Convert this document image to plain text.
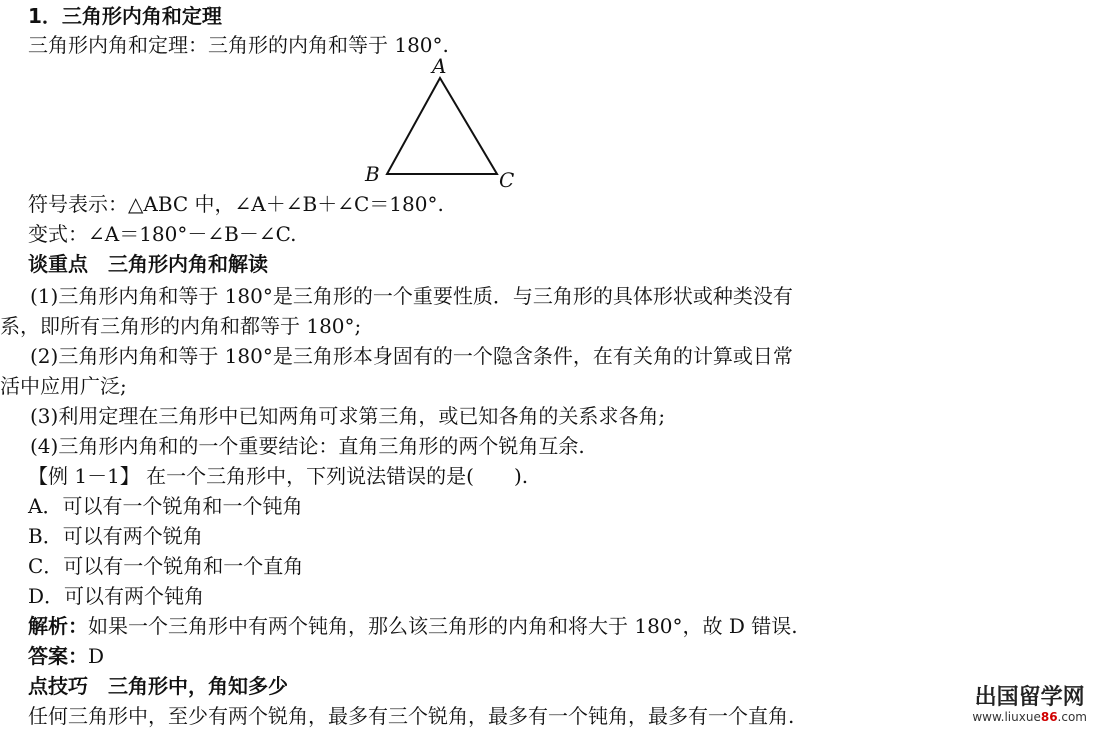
1．三角形内角和定理
三角形内角和定理：三角形的内角和等于 180°.
A
B	C
符号表示：△ABC 中，∠A＋∠B＋∠C＝180°.
变式：∠A＝180°－∠B－∠C.
谈重点　三角形内角和解读
(1)三角形内角和等于 180°是三角形的一个重要性质．与三角形的具体形状或种类没有
系，即所有三角形的内角和都等于 180°;
(2)三角形内角和等于 180°是三角形本身固有的一个隐含条件，在有关角的计算或日常
活中应用广泛;
(3)利用定理在三角形中已知两角可求第三角，或已知各角的关系求各角;
(4)三角形内角和的一个重要结论：直角三角形的两个锐角互余.
【例 1－1】 在一个三角形中，下列说法错误的是(　　).
A．可以有一个锐角和一个钝角
B．可以有两个锐角
C．可以有一个锐角和一个直角
D．可以有两个钝角
解析：如果一个三角形中有两个钝角，那么该三角形的内角和将大于 180°，故 D 错误.
答案：D
点技巧　三角形中，角知多少
任何三角形中，至少有两个锐角，最多有三个锐角，最多有一个钝角，最多有一个直角.
出国留学网
www.liuxue86.com
